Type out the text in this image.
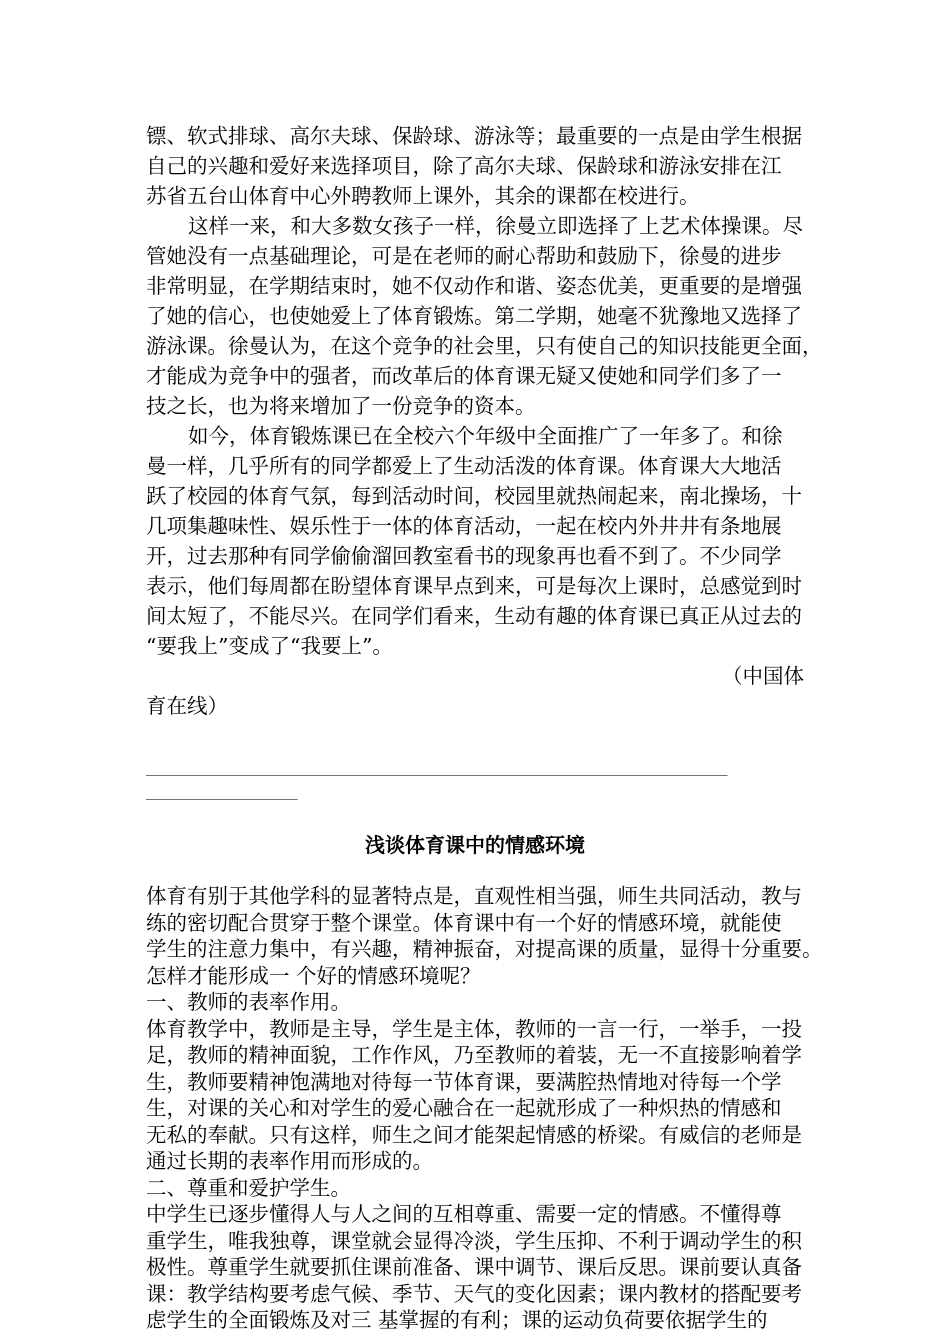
镖、软式排球、高尔夫球、保龄球、游泳等；最重要的一点是由学生根据
自己的兴趣和爱好来选择项目，除了高尔夫球、保龄球和游泳安排在江
苏省五台山体育中心外聘教师上课外，其余的课都在校进行。
这样一来，和大多数女孩子一样，徐曼立即选择了上艺术体操课。尽
管她没有一点基础理论，可是在老师的耐心帮助和鼓励下，徐曼的进步
非常明显，在学期结束时，她不仅动作和谐、姿态优美，更重要的是增强
了她的信心，也使她爱上了体育锻炼。第二学期，她毫不犹豫地又选择了
游泳课。徐曼认为，在这个竞争的社会里，只有使自己的知识技能更全面，
才能成为竞争中的强者，而改革后的体育课无疑又使她和同学们多了一
技之长，也为将来增加了一份竞争的资本。
如今，体育锻炼课已在全校六个年级中全面推广了一年多了。和徐
曼一样，几乎所有的同学都爱上了生动活泼的体育课。体育课大大地活
跃了校园的体育气氛，每到活动时间，校园里就热闹起来，南北操场，十
几项集趣味性、娱乐性于一体的体育活动，一起在校内外井井有条地展
开，过去那种有同学偷偷溜回教室看书的现象再也看不到了。不少同学
表示，他们每周都在盼望体育课早点到来，可是每次上课时，总感觉到时
间太短了，不能尽兴。在同学们看来，生动有趣的体育课已真正从过去的
“要我上”变成了“我要上”。
（中国体
育在线）
_____________________________________________________________________
__________________
浅谈体育课中的情感环境
体育有别于其他学科的显著特点是，直观性相当强，师生共同活动，教与
练的密切配合贯穿于整个课堂。体育课中有一个好的情感环境，就能使
学生的注意力集中，有兴趣，精神振奋，对提高课的质量，显得十分重要。
怎样才能形成一 个好的情感环境呢？
一、教师的表率作用。
体育教学中，教师是主导，学生是主体，教师的一言一行，一举手，一投
足，教师的精神面貌，工作作风，乃至教师的着装，无一不直接影响着学
生，教师要精神饱满地对待每一节体育课，要满腔热情地对待每一个学
生，对课的关心和对学生的爱心融合在一起就形成了一种炽热的情感和
无私的奉献。只有这样，师生之间才能架起情感的桥梁。有威信的老师是
通过长期的表率作用而形成的。
二、尊重和爱护学生。
中学生已逐步懂得人与人之间的互相尊重、需要一定的情感。不懂得尊
重学生，唯我独尊，课堂就会显得冷淡，学生压抑、不利于调动学生的积
极性。尊重学生就要抓住课前准备、课中调节、课后反思。课前要认真备
课：教学结构要考虑气候、季节、天气的变化因素；课内教材的搭配要考
虑学生的全面锻炼及对三 基掌握的有利；课的运动负荷要依据学生的
